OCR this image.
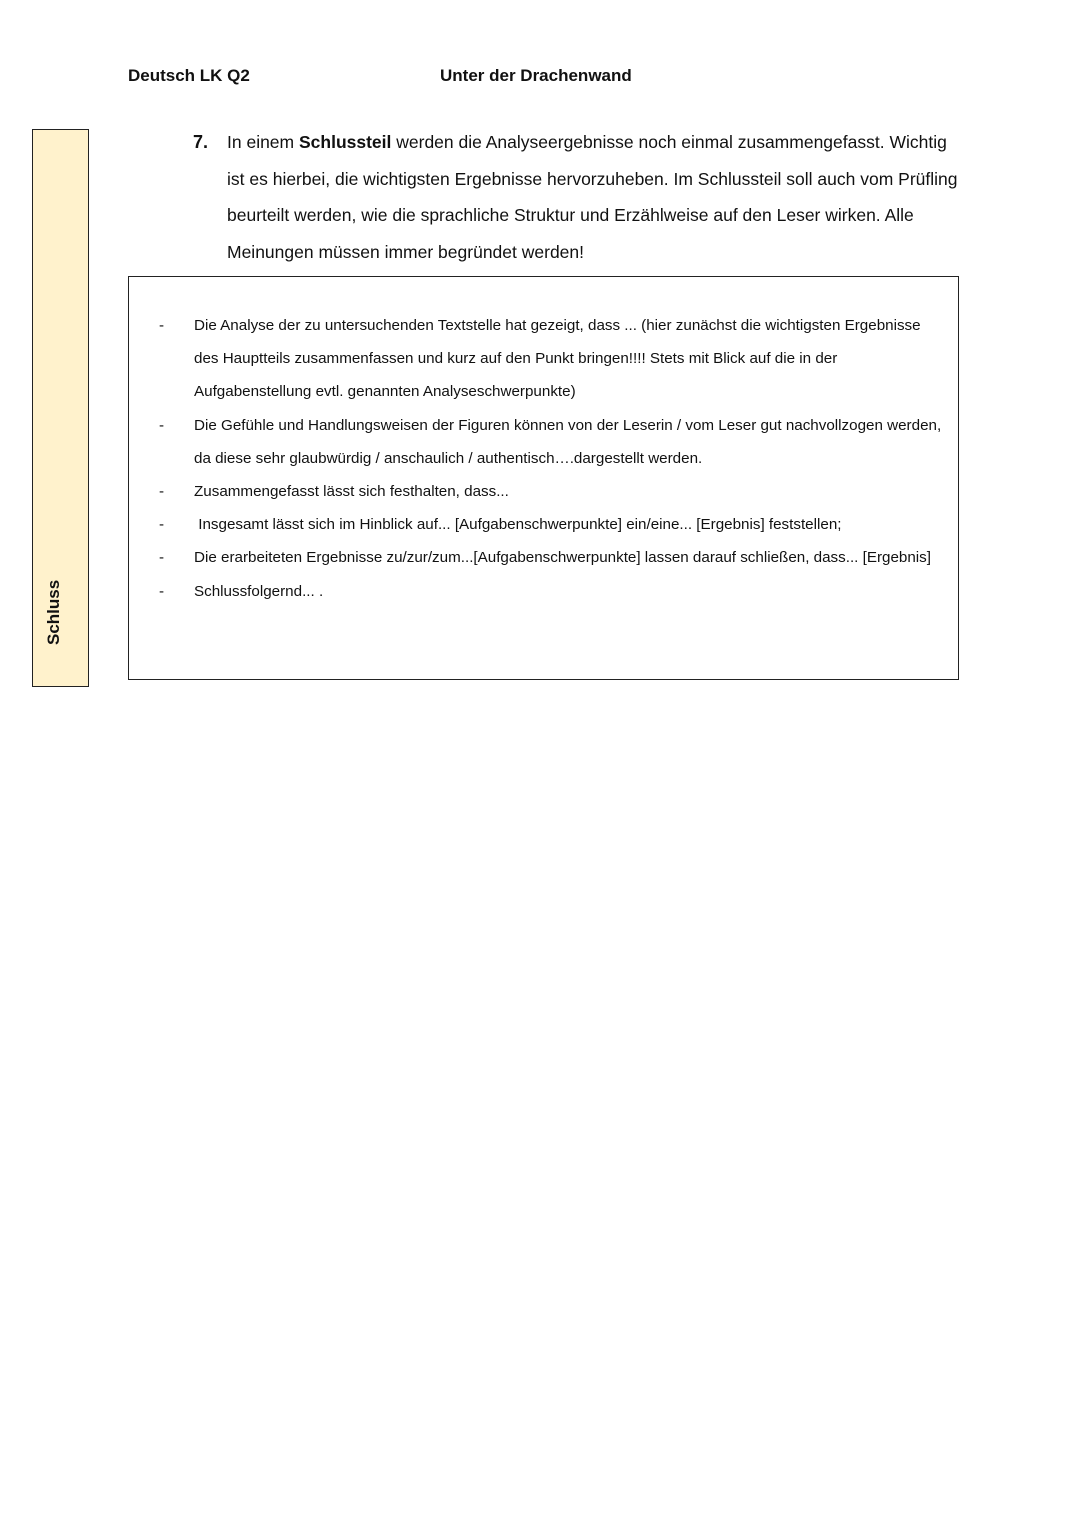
Deutsch LK Q2	Unter der Drachenwand
Schluss
7. In einem Schlussteil werden die Analyseergebnisse noch einmal zusammengefasst. Wichtig ist es hierbei, die wichtigsten Ergebnisse hervorzuheben. Im Schlussteil soll auch vom Prüfling beurteilt werden, wie die sprachliche Struktur und Erzählweise auf den Leser wirken. Alle Meinungen müssen immer begründet werden!
- Die Analyse der zu untersuchenden Textstelle hat gezeigt, dass ... (hier zunächst die wichtigsten Ergebnisse des Hauptteils zusammenfassen und kurz auf den Punkt bringen!!!! Stets mit Blick auf die in der Aufgabenstellung evtl. genannten Analyseschwerpunkte)
- Die Gefühle und Handlungsweisen der Figuren können von der Leserin / vom Leser gut nachvollzogen werden, da diese sehr glaubwürdig / anschaulich / authentisch….dargestellt werden.
- Zusammengefasst lässt sich festhalten, dass...
- Insgesamt lässt sich im Hinblick auf... [Aufgabenschwerpunkte] ein/eine... [Ergebnis] feststellen;
- Die erarbeiteten Ergebnisse zu/zur/zum...[Aufgabenschwerpunkte] lassen darauf schließen, dass... [Ergebnis]
- Schlussfolgernd... .
